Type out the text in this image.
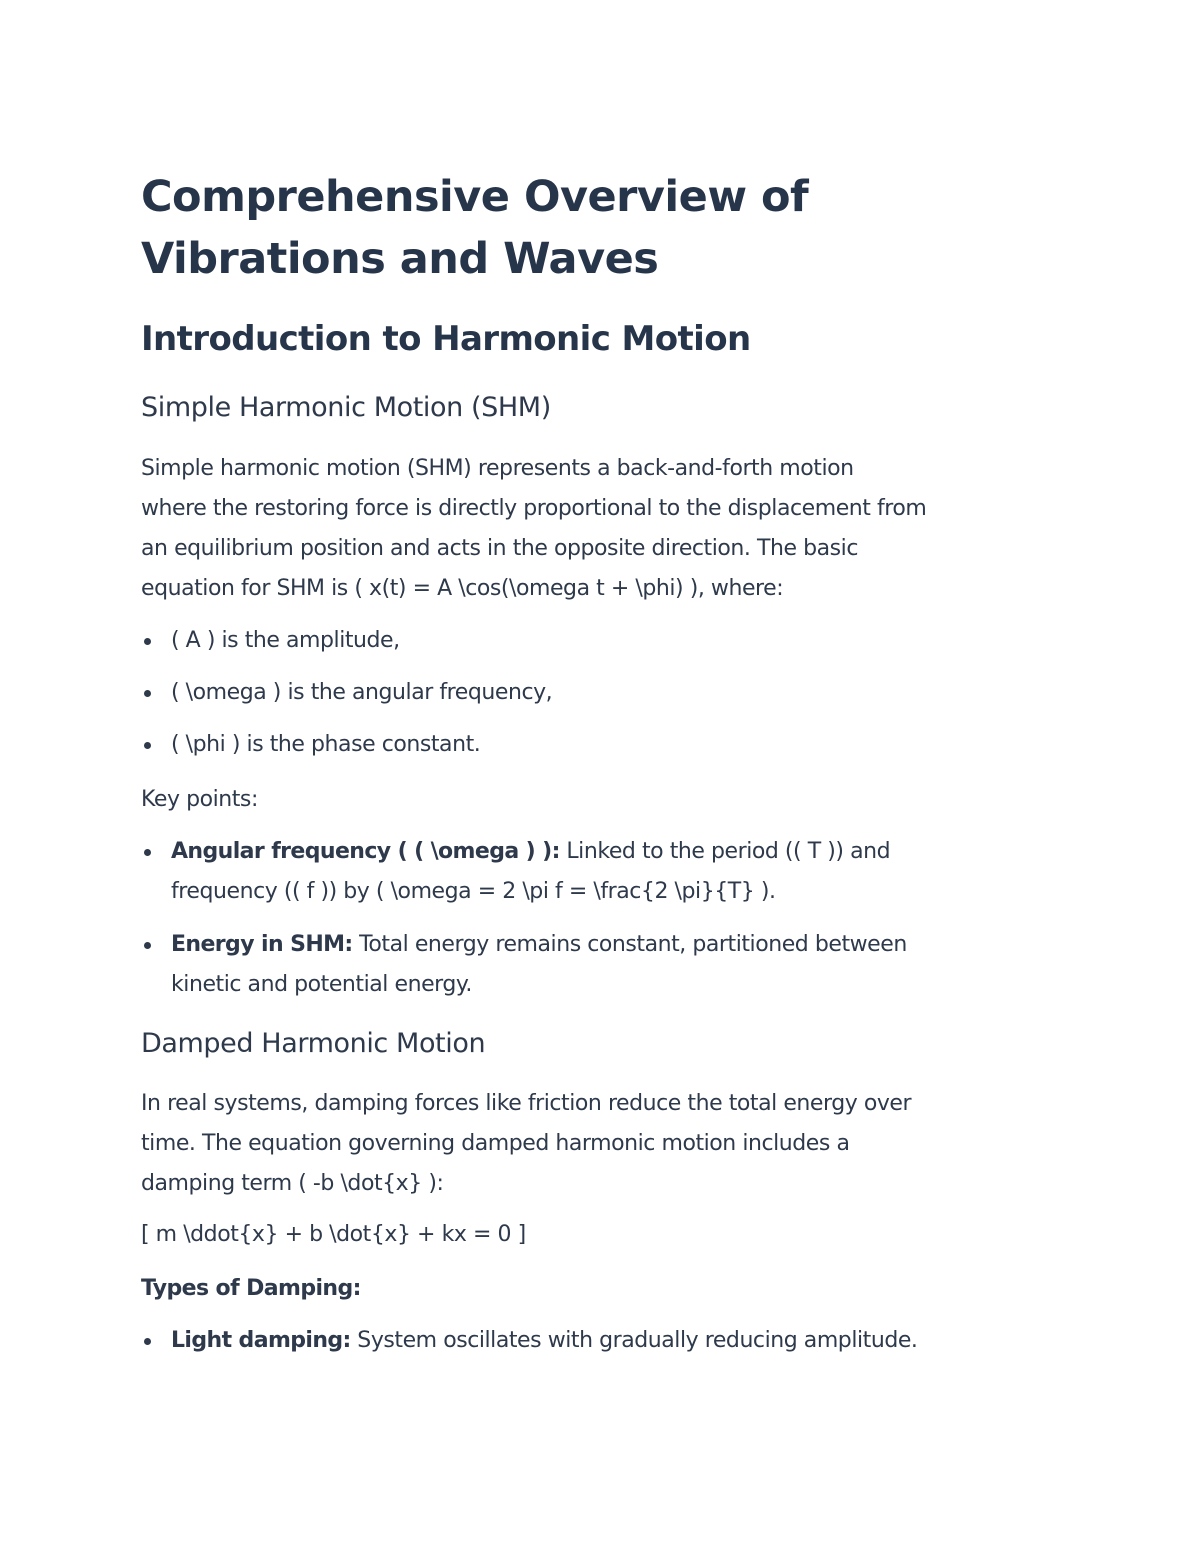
Comprehensive Overview of Vibrations and Waves
Introduction to Harmonic Motion
Simple Harmonic Motion (SHM)
Simple harmonic motion (SHM) represents a back-and-forth motion
where the restoring force is directly proportional to the displacement from
an equilibrium position and acts in the opposite direction. The basic
equation for SHM is ( x(t) = A \cos(\omega t + \phi) ), where:
( A ) is the amplitude,
( \omega ) is the angular frequency,
( \phi ) is the phase constant.
Key points:
Angular frequency ( ( \omega ) ): Linked to the period (( T )) and
frequency (( f )) by ( \omega = 2 \pi f = \frac{2 \pi}{T} ).
Energy in SHM: Total energy remains constant, partitioned between
kinetic and potential energy.
Damped Harmonic Motion
In real systems, damping forces like friction reduce the total energy over
time. The equation governing damped harmonic motion includes a
damping term ( -b \dot{x} ):
[ m \ddot{x} + b \dot{x} + kx = 0 ]
Types of Damping:
Light damping: System oscillates with gradually reducing amplitude.
